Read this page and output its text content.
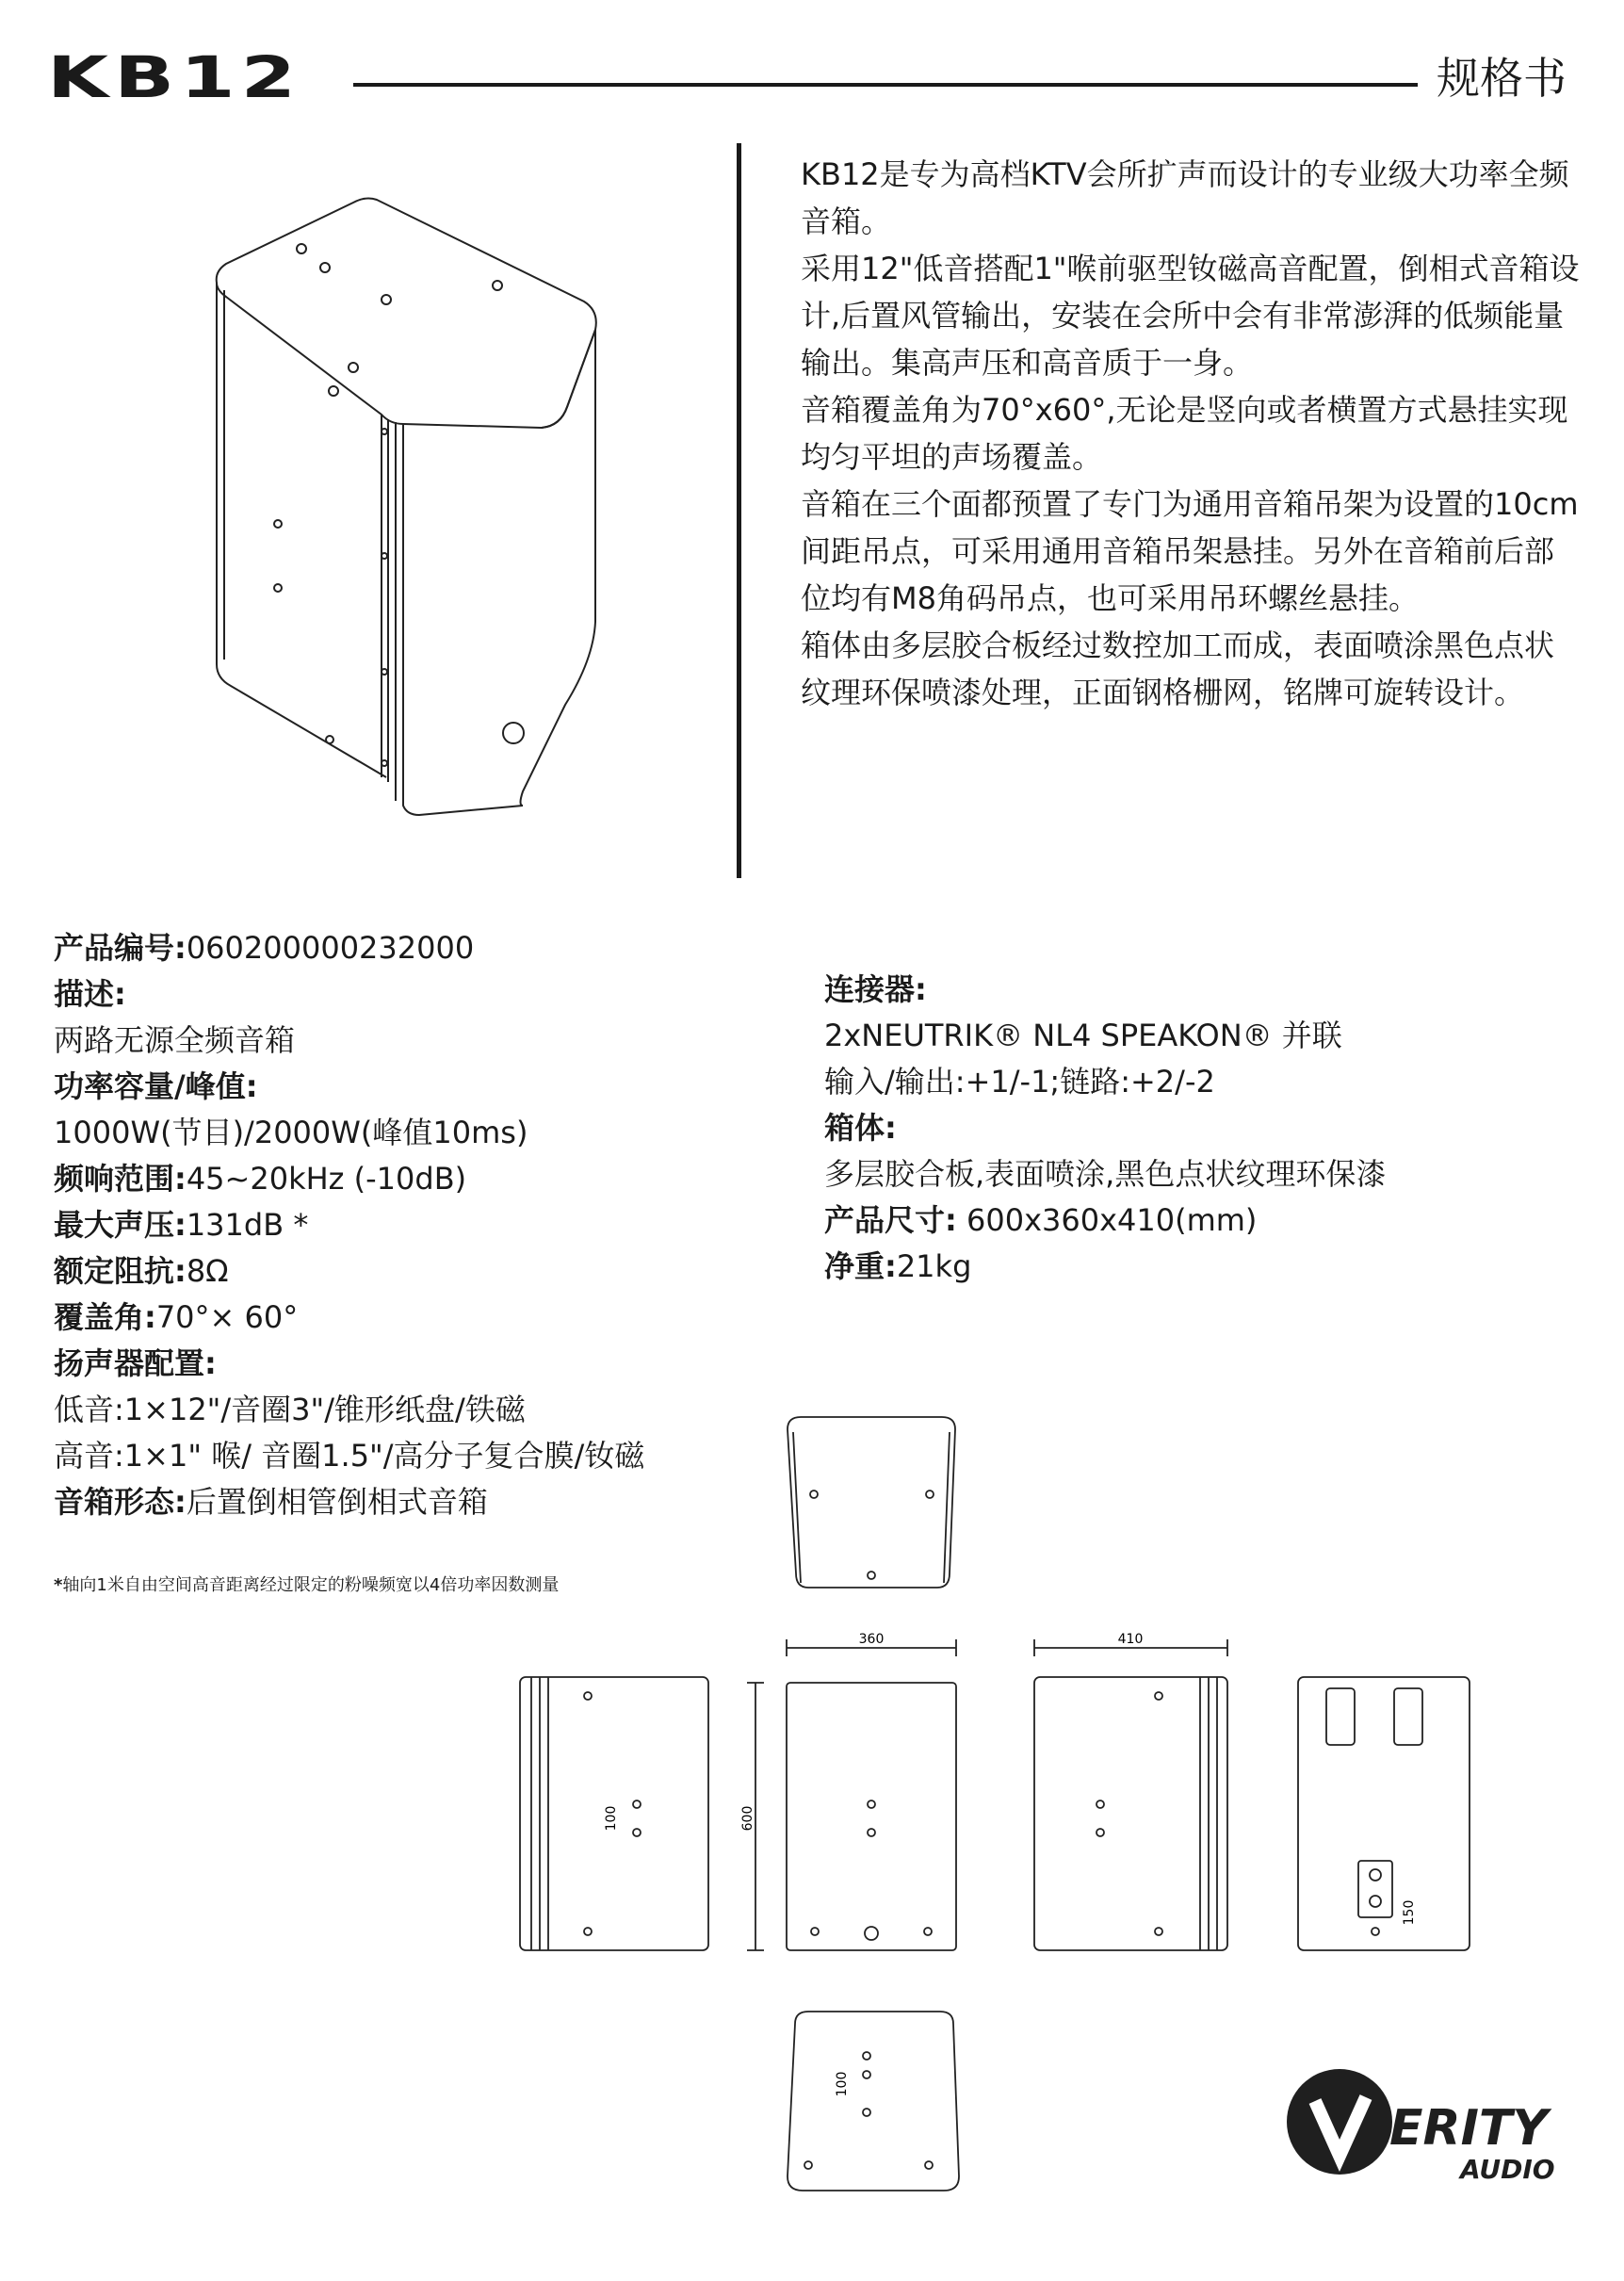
KB12	规格书

KB12是专为高档KTV会所扩声而设计的专业级大功率全频音箱。

采用12"低音搭配1"喉前驱型钕磁高音配置，倒相式音箱设计,后置风管输出，安装在会所中会有非常澎湃的低频能量输出。集高声压和高音质于一身。

音箱覆盖角为70°x60°,无论是竖向或者横置方式悬挂实现均匀平坦的声场覆盖。

音箱在三个面都预置了专门为通用音箱吊架为设置的10cm间距吊点，可采用通用音箱吊架悬挂。另外在音箱前后部位均有M8角码吊点，也可采用吊环螺丝悬挂。

箱体由多层胶合板经过数控加工而成，表面喷涂黑色点状纹理环保喷漆处理，正面钢格栅网，铭牌可旋转设计。

产品编号:060200000232000
描述:
两路无源全频音箱
功率容量/峰值:
1000W(节目)/2000W(峰值10ms)
频响范围:45~20kHz (-10dB)
最大声压:131dB *
额定阻抗:8Ω
覆盖角:70°× 60°
扬声器配置:
低音:1×12"/音圈3"/锥形纸盘/铁磁
高音:1×1" 喉/ 音圈1.5"/高分子复合膜/钕磁
音箱形态:后置倒相管倒相式音箱
连接器:
2xNEUTRIK® NL4 SPEAKON® 并联
输入/输出:+1/-1;链路:+2/-2
箱体:
多层胶合板,表面喷涂,黑色点状纹理环保漆
产品尺寸: 600x360x410(mm)
净重:21kg
*轴向1米自由空间高音距离经过限定的粉噪频宽以4倍功率因数测量
360	410
600
100
100
150
ERITY
AUDIO
